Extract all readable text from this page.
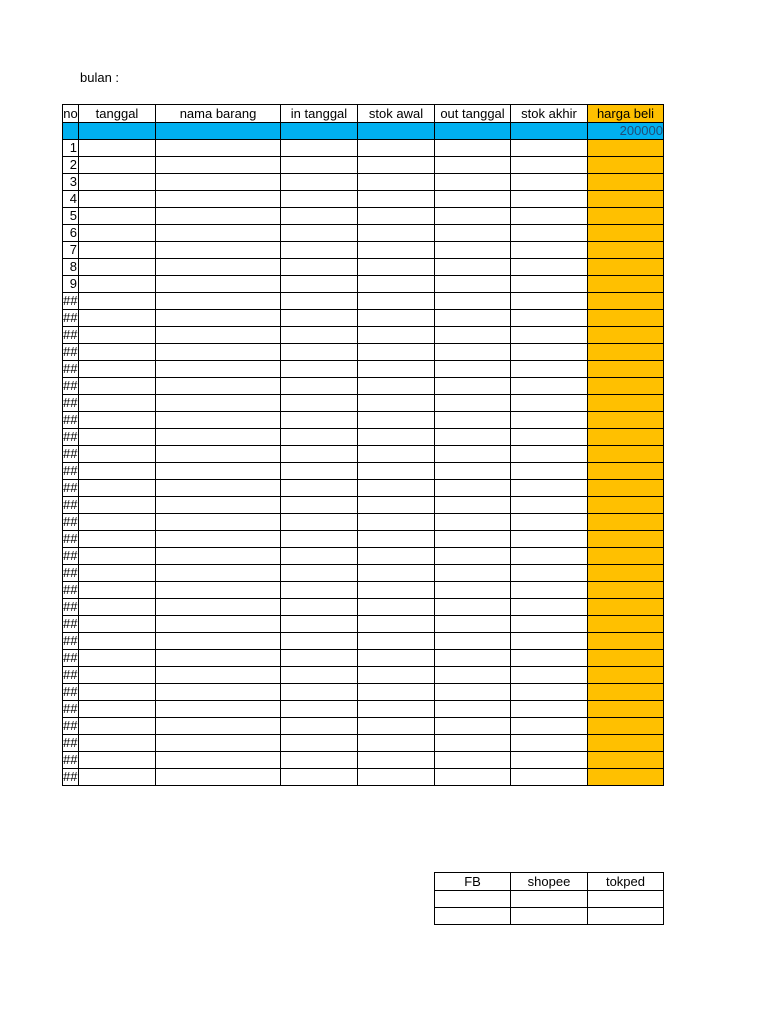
bulan :
no	tanggal	nama barang	in tanggal	stok awal	out tanggal	stok akhir	harga beli
							200000
1							
2							
3							
4							
5							
6							
7							
8							
9							
##							
##							
##							
##							
##							
##							
##							
##							
##							
##							
##							
##							
##							
##							
##							
##							
##							
##							
##							
##							
##							
##							
##							
##							
##							
##							
##							
##							
##							
FB	shopee	tokped
